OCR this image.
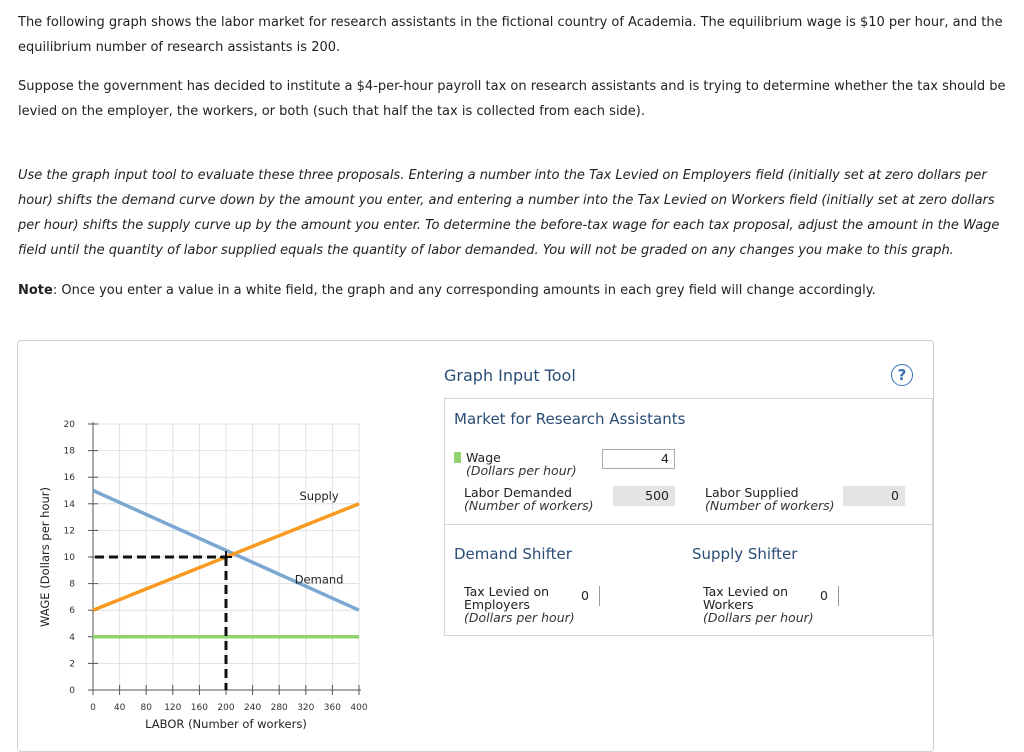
The following graph shows the labor market for research assistants in the fictional country of Academia. The equilibrium wage is $10 per hour, and the equilibrium number of research assistants is 200.

Suppose the government has decided to institute a $4-per-hour payroll tax on research assistants and is trying to determine whether the tax should be levied on the employer, the workers, or both (such that half the tax is collected from each side).

Use the graph input tool to evaluate these three proposals. Entering a number into the Tax Levied on Employers field (initially set at zero dollars per hour) shifts the demand curve down by the amount you enter, and entering a number into the Tax Levied on Workers field (initially set at zero dollars per hour) shifts the supply curve up by the amount you enter. To determine the before-tax wage for each tax proposal, adjust the amount in the Wage field until the quantity of labor supplied equals the quantity of labor demanded. You will not be graded on any changes you make to this graph.

Note: Once you enter a value in a white field, the graph and any corresponding amounts in each grey field will change accordingly.

0 40 80 120 160 200 240 280 320 360 400
0
2
4
6
8
10
12
14
16
18
20
LABOR (Number of workers)
WAGE (Dollars per hour)	Supply
Demand
Graph Input Tool	?
Market for Research Assistants
Wage
(Dollars per hour)
4
Labor Demanded
(Number of workers)
500	Labor Supplied
(Number of workers)
0
Demand Shifter	Supply Shifter
Tax Levied on
Employers
(Dollars per hour)
0	Tax Levied on
Workers
(Dollars per hour)
0
